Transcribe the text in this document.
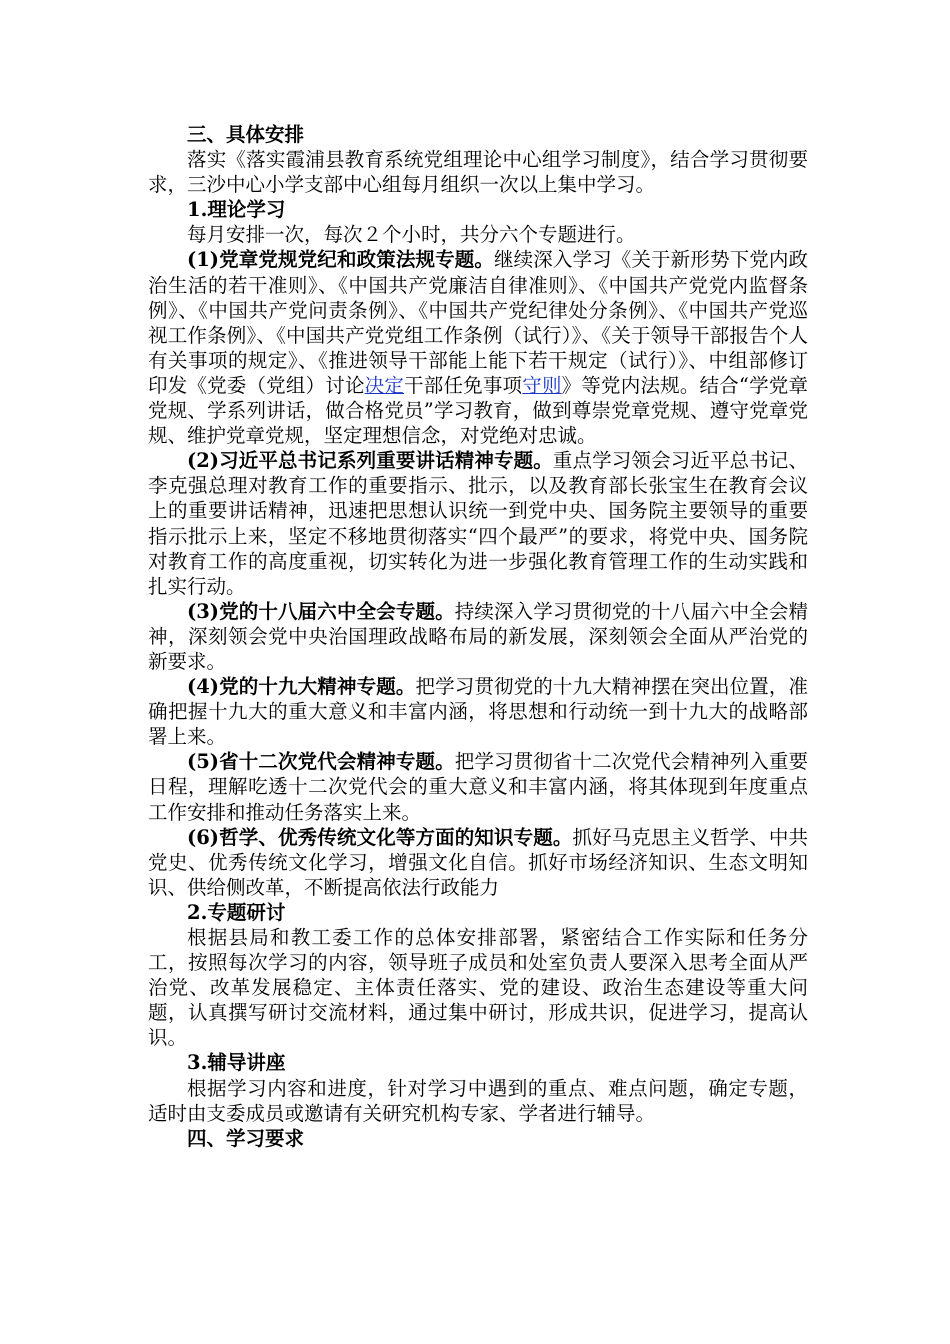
三、具体安排

落实《落实霞浦县教育系统党组理论中心组学习制度》，结合学习贯彻要求，三沙中心小学支部中心组每月组织一次以上集中学习。

1.理论学习

每月安排一次，每次２个小时，共分六个专题进行。

(1)党章党规党纪和政策法规专题。继续深入学习《关于新形势下党内政治生活的若干准则》、《中国共产党廉洁自律准则》、《中国共产党党内监督条例》、《中国共产党问责条例》、《中国共产党纪律处分条例》、《中国共产党巡视工作条例》、《中国共产党党组工作条例（试行）》、《关于领导干部报告个人有关事项的规定》、《推进领导干部能上能下若干规定（试行）》、中组部修订印发《党委（党组）讨论决定干部任免事项守则》等党内法规。结合“学党章党规、学系列讲话，做合格党员”学习教育，做到尊崇党章党规、遵守党章党规、维护党章党规，坚定理想信念，对党绝对忠诚。

(2)习近平总书记系列重要讲话精神专题。重点学习领会习近平总书记、李克强总理对教育工作的重要指示、批示，以及教育部长张宝生在教育会议上的重要讲话精神，迅速把思想认识统一到党中央、国务院主要领导的重要指示批示上来，坚定不移地贯彻落实“四个最严”的要求，将党中央、国务院对教育工作的高度重视，切实转化为进一步强化教育管理工作的生动实践和扎实行动。

(3)党的十八届六中全会专题。持续深入学习贯彻党的十八届六中全会精神，深刻领会党中央治国理政战略布局的新发展，深刻领会全面从严治党的新要求。

(4)党的十九大精神专题。把学习贯彻党的十九大精神摆在突出位置，准确把握十九大的重大意义和丰富内涵，将思想和行动统一到十九大的战略部署上来。

(5)省十二次党代会精神专题。把学习贯彻省十二次党代会精神列入重要日程，理解吃透十二次党代会的重大意义和丰富内涵，将其体现到年度重点工作安排和推动任务落实上来。

(6)哲学、优秀传统文化等方面的知识专题。抓好马克思主义哲学、中共党史、优秀传统文化学习，增强文化自信。抓好市场经济知识、生态文明知识、供给侧改革，不断提高依法行政能力

2.专题研讨

根据县局和教工委工作的总体安排部署，紧密结合工作实际和任务分工，按照每次学习的内容，领导班子成员和处室负责人要深入思考全面从严治党、改革发展稳定、主体责任落实、党的建设、政治生态建设等重大问题，认真撰写研讨交流材料，通过集中研讨，形成共识，促进学习，提高认识。

3.辅导讲座

根据学习内容和进度，针对学习中遇到的重点、难点问题，确定专题，适时由支委成员或邀请有关研究机构专家、学者进行辅导。

四、学习要求
